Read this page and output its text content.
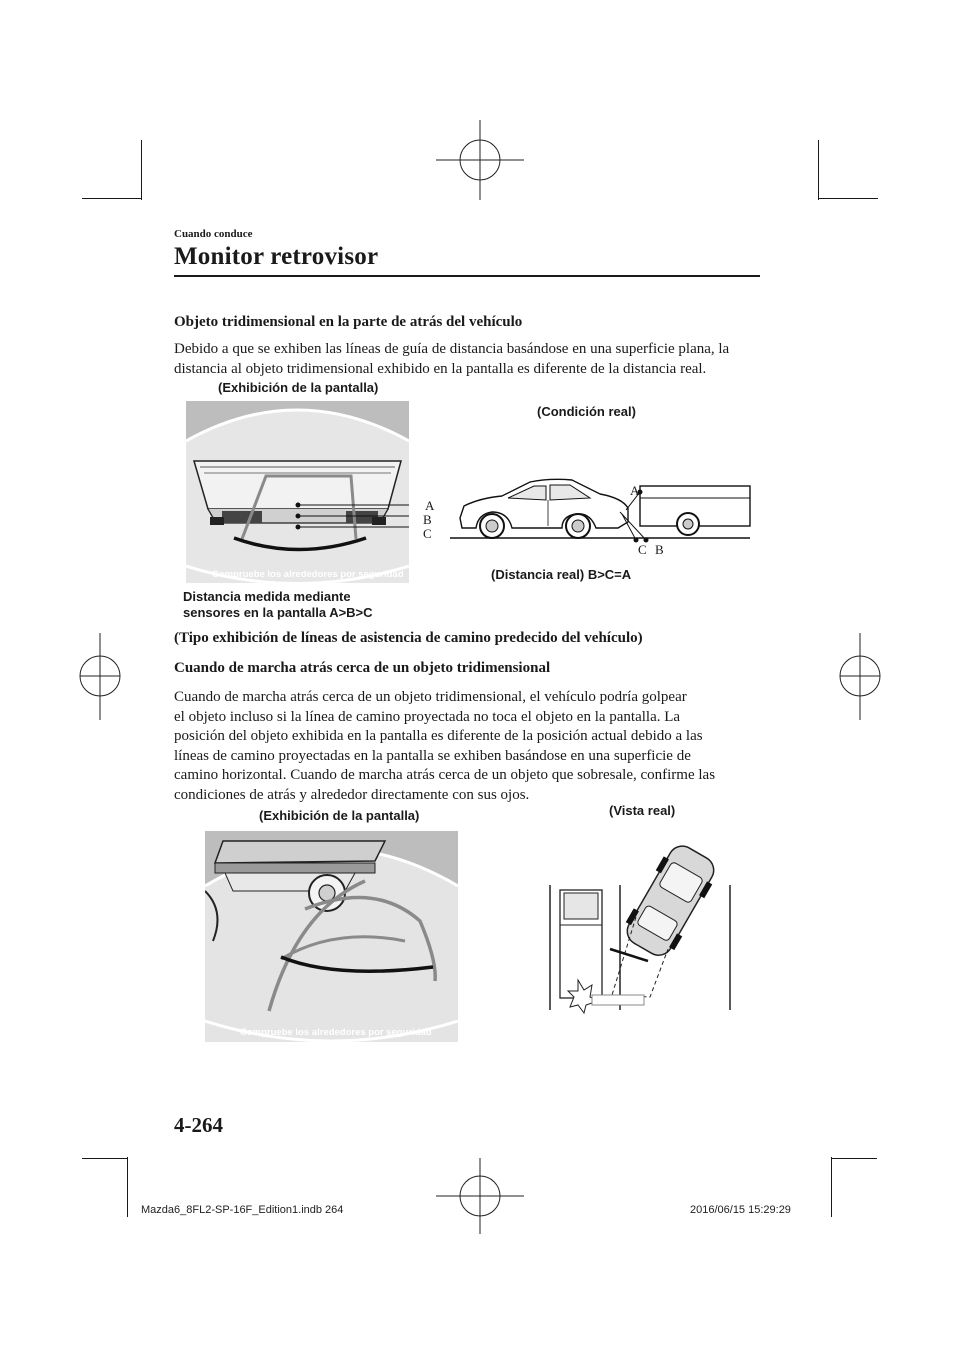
Cuando conduce
Monitor retrovisor
Objeto tridimensional en la parte de atrás del vehículo
Debido a que se exhiben las líneas de guía de distancia basándose en una superficie plana, la
distancia al objeto tridimensional exhibido en la pantalla es diferente de la distancia real.
(Exhibición de la pantalla)
Compruebe los alrededores por seguridad
A
B
C
Distancia medida mediante
sensores en la pantalla A>B>C
(Condición real)
A
C B
(Distancia real) B>C=A
(Tipo exhibición de líneas de asistencia de camino predecido del vehículo)
Cuando de marcha atrás cerca de un objeto tridimensional
Cuando de marcha atrás cerca de un objeto tridimensional, el vehículo podría golpear
el objeto incluso si la línea de camino proyectada no toca el objeto en la pantalla. La
posición del objeto exhibida en la pantalla es diferente de la posición actual debido a las
líneas de camino proyectadas en la pantalla se exhiben basándose en una superficie de
camino horizontal. Cuando de marcha atrás cerca de un objeto que sobresale, confirme las
condiciones de atrás y alrededor directamente con sus ojos.
(Exhibición de la pantalla)
Compruebe los alrededores por seguridad
(Vista real)
4-264
Mazda6_8FL2-SP-16F_Edition1.indb 264	2016/06/15 15:29:29
